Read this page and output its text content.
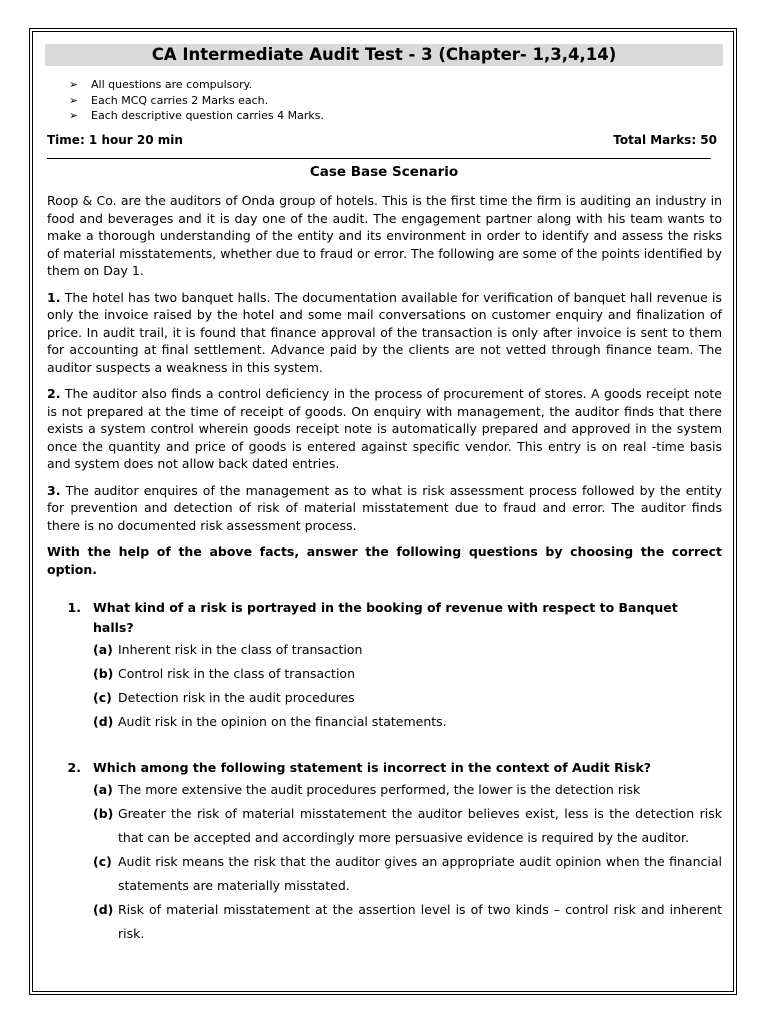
CA Intermediate Audit Test - 3 (Chapter- 1,3,4,14)
➢	All questions are compulsory.
➢	Each MCQ carries 2 Marks each.
➢	Each descriptive question carries 4 Marks.
Time: 1 hour 20 min	Total Marks: 50
Case Base Scenario

Roop & Co. are the auditors of Onda group of hotels. This is the first time the firm is auditing an industry in food and beverages and it is day one of the audit. The engagement partner along with his team wants to make a thorough understanding of the entity and its environment in order to identify and assess the risks of material misstatements, whether due to fraud or error. The following are some of the points identified by them on Day 1.

1. The hotel has two banquet halls. The documentation available for verification of banquet hall revenue is only the invoice raised by the hotel and some mail conversations on customer enquiry and finalization of price. In audit trail, it is found that finance approval of the transaction is only after invoice is sent to them for accounting at final settlement. Advance paid by the clients are not vetted through finance team. The auditor suspects a weakness in this system.

2. The auditor also finds a control deficiency in the process of procurement of stores. A goods receipt note is not prepared at the time of receipt of goods. On enquiry with management, the auditor finds that there exists a system control wherein goods receipt note is automatically prepared and approved in the system once the quantity and price of goods is entered against specific vendor. This entry is on real -time basis and system does not allow back dated entries.

3. The auditor enquires of the management as to what is risk assessment process followed by the entity for prevention and detection of risk of material misstatement due to fraud and error. The auditor finds there is no documented risk assessment process.

With the help of the above facts, answer the following questions by choosing the correct option.

1. What kind of a risk is portrayed in the booking of revenue with respect to Banquet halls?
(a) Inherent risk in the class of transaction
(b) Control risk in the class of transaction
(c) Detection risk in the audit procedures
(d) Audit risk in the opinion on the financial statements.
2. Which among the following statement is incorrect in the context of Audit Risk?
(a) The more extensive the audit procedures performed, the lower is the detection risk
(b) Greater the risk of material misstatement the auditor believes exist, less is the detection risk that can be accepted and accordingly more persuasive evidence is required by the auditor.
(c) Audit risk means the risk that the auditor gives an appropriate audit opinion when the financial statements are materially misstated.
(d) Risk of material misstatement at the assertion level is of two kinds – control risk and inherent risk.
